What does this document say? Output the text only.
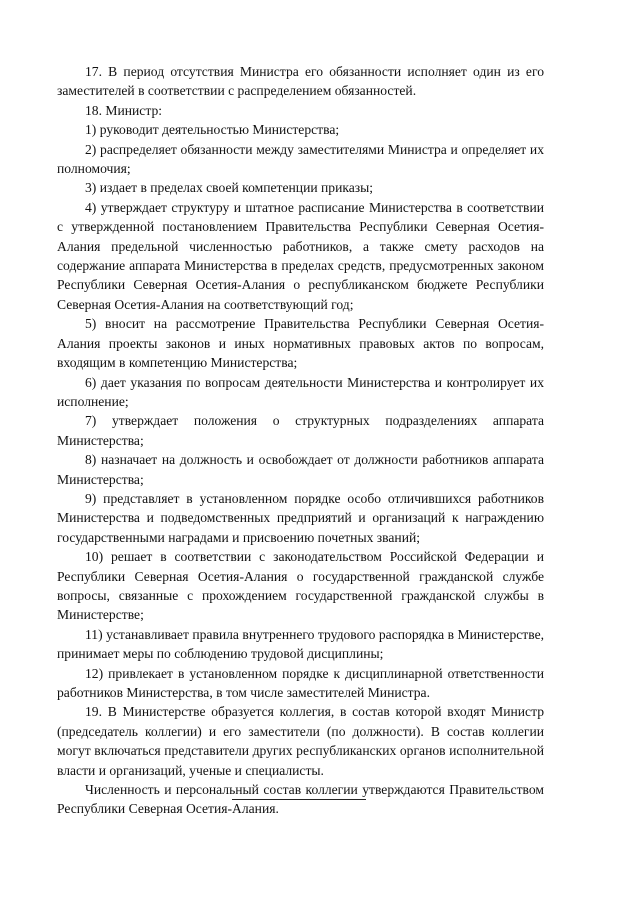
17. В период отсутствия Министра его обязанности исполняет один из его заместителей в соответствии с распределением обязанностей.

18. Министр:

1) руководит деятельностью Министерства;

2) распределяет обязанности между заместителями Министра и определяет их полномочия;

3) издает в пределах своей компетенции приказы;

4) утверждает структуру и штатное расписание Министерства в соответствии с утвержденной постановлением Правительства Республики Северная Осетия-Алания предельной численностью работников, а также смету расходов на содержание аппарата Министерства в пределах средств, предусмотренных законом Республики Северная Осетия-Алания о республиканском бюджете Республики Северная Осетия-Алания на соответствующий год;

5) вносит на рассмотрение Правительства Республики Северная Осетия-Алания проекты законов и иных нормативных правовых актов по вопросам, входящим в компетенцию Министерства;

6) дает указания по вопросам деятельности Министерства и контролирует их исполнение;

7) утверждает положения о структурных подразделениях аппарата Министерства;

8) назначает на должность и освобождает от должности работников аппарата Министерства;

9) представляет в установленном порядке особо отличившихся работников Министерства и подведомственных предприятий и организаций к награждению государственными наградами и присвоению почетных званий;

10) решает в соответствии с законодательством Российской Федерации и Республики Северная Осетия-Алания о государственной гражданской службе вопросы, связанные с прохождением государственной гражданской службы в Министерстве;

11) устанавливает правила внутреннего трудового распорядка в Министерстве, принимает меры по соблюдению трудовой дисциплины;

12) привлекает в установленном порядке к дисциплинарной ответственности работников Министерства, в том числе заместителей Министра.

19. В Министерстве образуется коллегия, в состав которой входят Министр (председатель коллегии) и его заместители (по должности). В состав коллегии могут включаться представители других республиканских органов исполнительной власти и организаций, ученые и специалисты.

Численность и персональный состав коллегии утверждаются Правительством Республики Северная Осетия-Алания.
